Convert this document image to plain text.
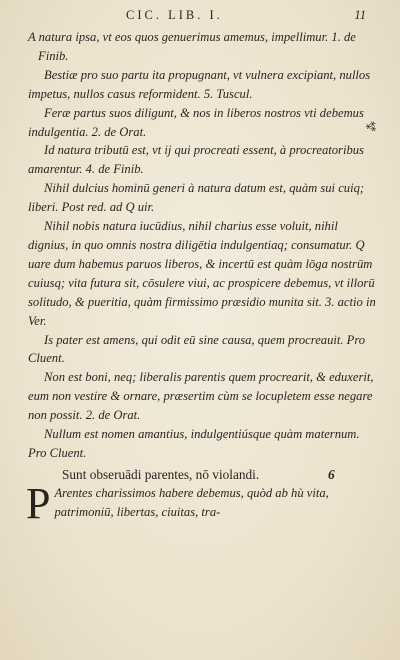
CIC. LIB. I.	11
⁂

A natura ipsa, vt eos quos genuerimus amemus, impellimur. 1. de Finib.

Bestiæ pro suo partu ita propugnant, vt vulnera excipiant, nullos impetus, nullos casus reformident. 5. Tuscul.

Feræ partus suos diligunt, & nos in liberos nostros vti debemus indulgentia. 2. de Orat.

Id natura tributū est, vt ij qui procreati essent, à procreatoribus amarentur. 4. de Finib.

Nihil dulcius hominū generi à natura datum est, quàm sui cuiq; liberi. Post red. ad Q uir.

Nihil nobis natura iucūdius, nihil charius esse voluit, nihil dignius, in quo omnis nostra diligētia indulgentiaq; consumatur. Q uare dum habemus paruos liberos, & incertū est quàm lōga nostrūm cuiusq; vita futura sit, cōsulere viui, ac prospicere debemus, vt illorū solitudo, & pueritia, quàm firmissimo præsidio munita sit. 3. actio in Ver.

Is pater est amens, qui odit eū sine causa, quem procreauit. Pro Cluent.

Non est boni, neq; liberalis parentis quem procrearit, & eduxerit, eum non vestire & ornare, præsertim cùm se locupletem esse negare non possit. 2. de Orat.

Nullum est nomen amantius, indulgentiúsque quàm maternum. Pro Cluent.

Sunt obseruādi parentes, nō violandi.	6
P Arentes charissimos habere debemus, quòd ab hù vita, patrimoniū, libertas, ciuitas, tra-
